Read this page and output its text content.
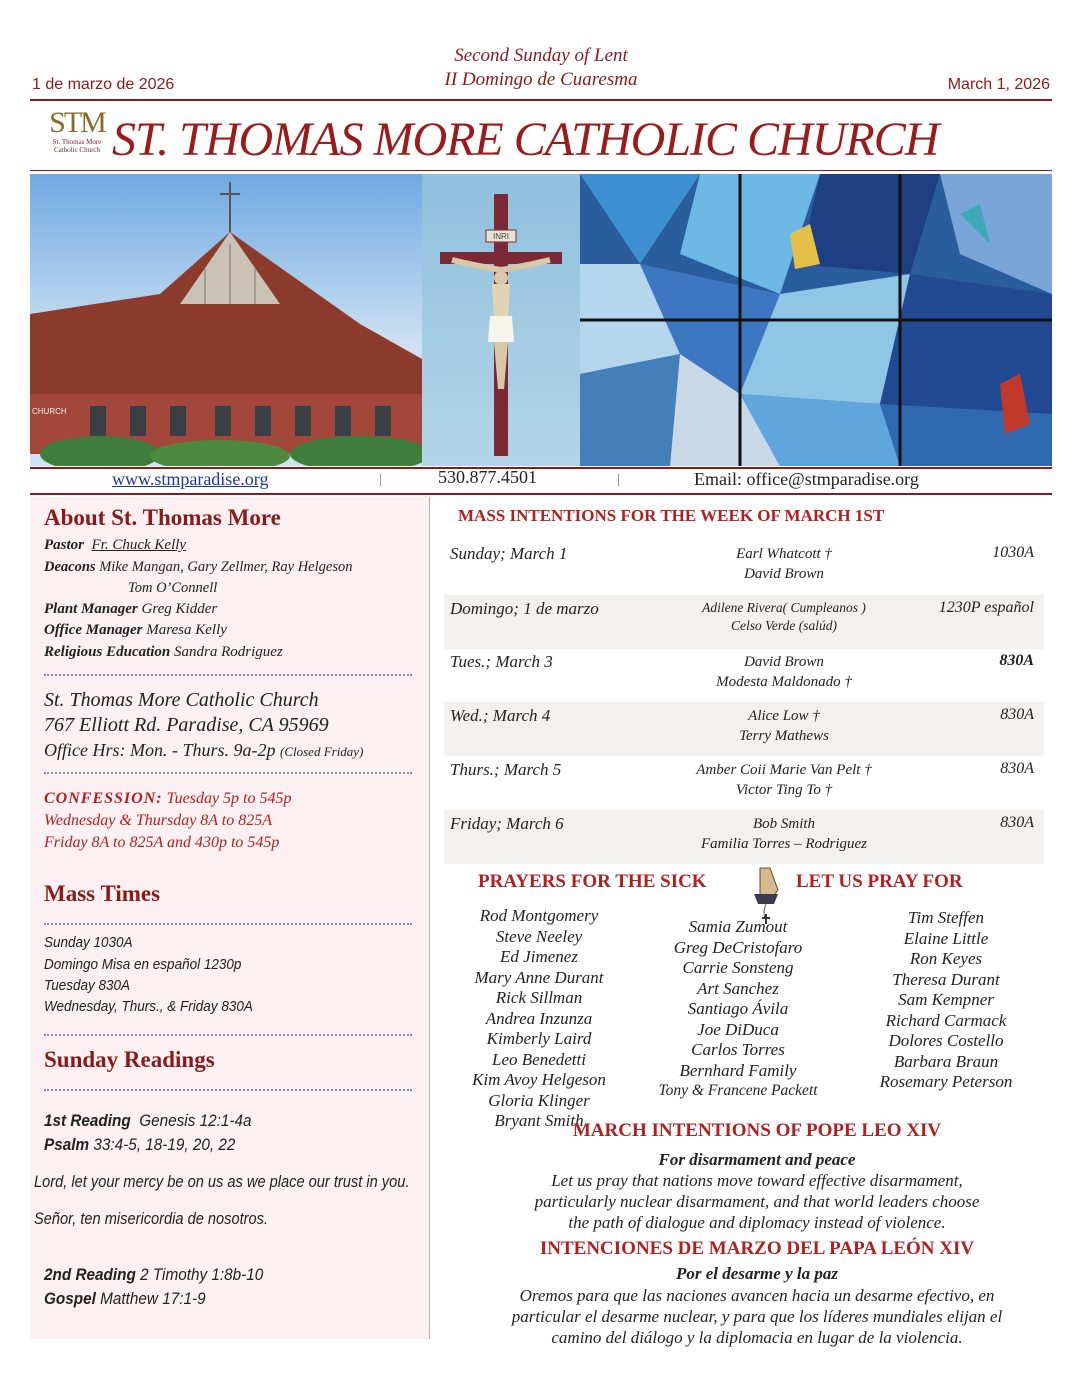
Second Sunday of Lent
II Domingo de Cuaresma
1 de marzo de 2026	March 1, 2026
STM
St. Thomas More Catholic Church ST. THOMAS MORE CATHOLIC CHURCH
CHURCH
INRI
www.stmparadise.org	530.877.4501	Email: office@stmparadise.org
About St. Thomas More
Pastor Fr. Chuck Kelly
Deacons Mike Mangan, Gary Zellmer, Ray Helgeson
Tom O’Connell
Plant Manager Greg Kidder
Office Manager Maresa Kelly
Religious Education Sandra Rodriguez
St. Thomas More Catholic Church
767 Elliott Rd. Paradise, CA 95969
Office Hrs: Mon. - Thurs. 9a-2p (Closed Friday)
CONFESSION: Tuesday 5p to 545p
Wednesday & Thursday 8A to 825A
Friday 8A to 825A and 430p to 545p
Mass Times
Sunday 1030A
Domingo Misa en español 1230p
Tuesday 830A
Wednesday, Thurs., & Friday 830A
Sunday Readings
1st Reading Genesis 12:1-4a
Psalm 33:4-5, 18-19, 20, 22
Lord, let your mercy be on us as we place our trust in you.
Señor, ten misericordia de nosotros.
2nd Reading 2 Timothy 1:8b-10
Gospel Matthew 17:1-9
MASS INTENTIONS FOR THE WEEK OF MARCH 1ST
Sunday; March 1	Earl Whatcott †
David Brown
1030A
Domingo; 1 de marzo	Adilene Rivera( Cumpleanos )
Celso Verde (salúd)
1230P español
Tues.; March 3	David Brown
Modesta Maldonado †
830A
Wed.; March 4	Alice Low †
Terry Mathews
830A
Thurs.; March 5	Amber Coii Marie Van Pelt †
Victor Ting To †
830A
Friday; March 6	Bob Smith
Familia Torres – Rodriguez
830A
PRAYERS FOR THE SICK	LET US PRAY FOR
Rod Montgomery
Steve Neeley
Ed Jimenez
Mary Anne Durant
Rick Sillman
Andrea Inzunza
Kimberly Laird
Leo Benedetti
Kim Avoy Helgeson
Gloria Klinger
Bryant Smith
Samia Zumout
Greg DeCristofaro
Carrie Sonsteng
Art Sanchez
Santiago Ávila
Joe DiDuca
Carlos Torres
Bernhard Family
Tony & Francene Packett
Tim Steffen
Elaine Little
Ron Keyes
Theresa Durant
Sam Kempner
Richard Carmack
Dolores Costello
Barbara Braun
Rosemary Peterson
MARCH INTENTIONS OF POPE LEO XIV
For disarmament and peace
Let us pray that nations move toward effective disarmament,
particularly nuclear disarmament, and that world leaders choose
the path of dialogue and diplomacy instead of violence.
INTENCIONES DE MARZO DEL PAPA LEÓN XIV
Por el desarme y la paz
Oremos para que las naciones avancen hacia un desarme efectivo, en
particular el desarme nuclear, y para que los líderes mundiales elijan el
camino del diálogo y la diplomacia en lugar de la violencia.
